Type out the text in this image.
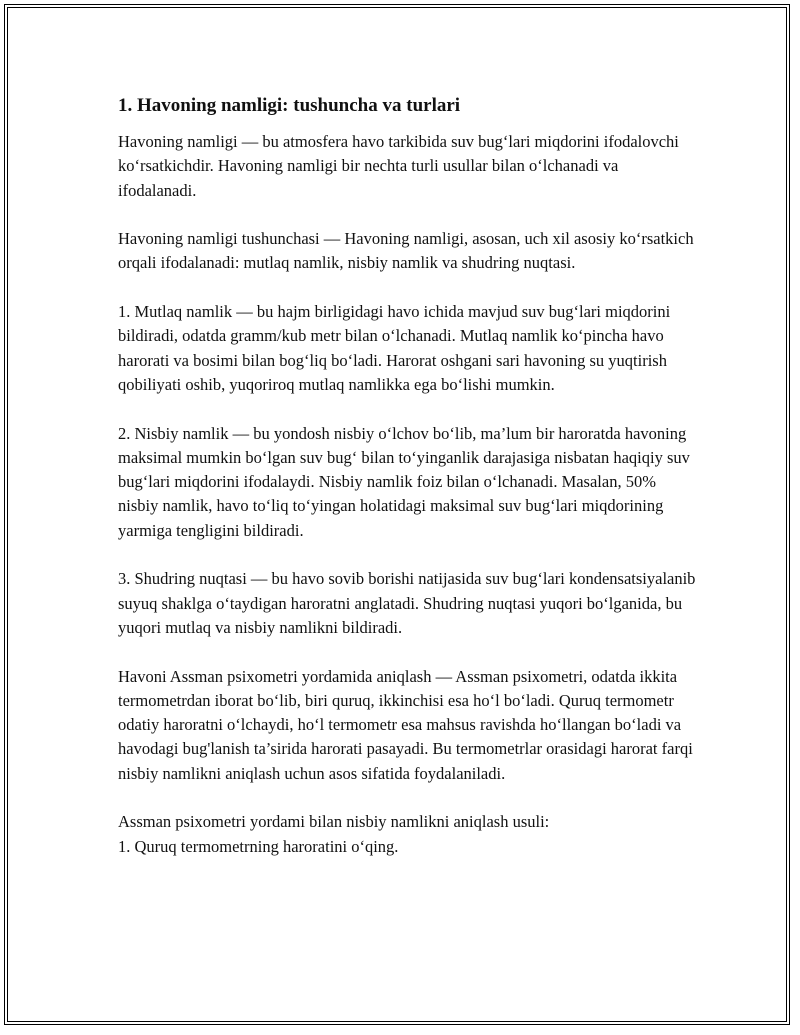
1. Havoning namligi: tushuncha va turlari

Havoning namligi — bu atmosfera havo tarkibida suv bug‘lari miqdorini ifodalovchi ko‘rsatkichdir. Havoning namligi bir nechta turli usullar bilan o‘lchanadi va ifodalanadi.

Havoning namligi tushunchasi — Havoning namligi, asosan, uch xil asosiy ko‘rsatkich orqali ifodalanadi: mutlaq namlik, nisbiy namlik va shudring nuqtasi.

1. Mutlaq namlik — bu hajm birligidagi havo ichida mavjud suv bug‘lari miqdorini bildiradi, odatda gramm/kub metr bilan o‘lchanadi. Mutlaq namlik ko‘pincha havo harorati va bosimi bilan bog‘liq bo‘ladi. Harorat oshgani sari havoning su yuqtirish qobiliyati oshib, yuqoriroq mutlaq namlikka ega bo‘lishi mumkin.

2. Nisbiy namlik — bu yondosh nisbiy o‘lchov bo‘lib, ma’lum bir haroratda havoning maksimal mumkin bo‘lgan suv bug‘ bilan to‘yinganlik darajasiga nisbatan haqiqiy suv bug‘lari miqdorini ifodalaydi. Nisbiy namlik foiz bilan o‘lchanadi. Masalan, 50% nisbiy namlik, havo to‘liq to‘yingan holatidagi maksimal suv bug‘lari miqdorining yarmiga tengligini bildiradi.

3. Shudring nuqtasi — bu havo sovib borishi natijasida suv bug‘lari kondensatsiyalanib suyuq shaklga o‘taydigan haroratni anglatadi. Shudring nuqtasi yuqori bo‘lganida, bu yuqori mutlaq va nisbiy namlikni bildiradi.

Havoni Assman psixometri yordamida aniqlash — Assman psixometri, odatda ikkita termometrdan iborat bo‘lib, biri quruq, ikkinchisi esa ho‘l bo‘ladi. Quruq termometr odatiy haroratni o‘lchaydi, ho‘l termometr esa mahsus ravishda ho‘llangan bo‘ladi va havodagi bug'lanish ta’sirida harorati pasayadi. Bu termometrlar orasidagi harorat farqi nisbiy namlikni aniqlash uchun asos sifatida foydalaniladi.

Assman psixometri yordami bilan nisbiy namlikni aniqlash usuli:

1. Quruq termometrning haroratini o‘qing.
